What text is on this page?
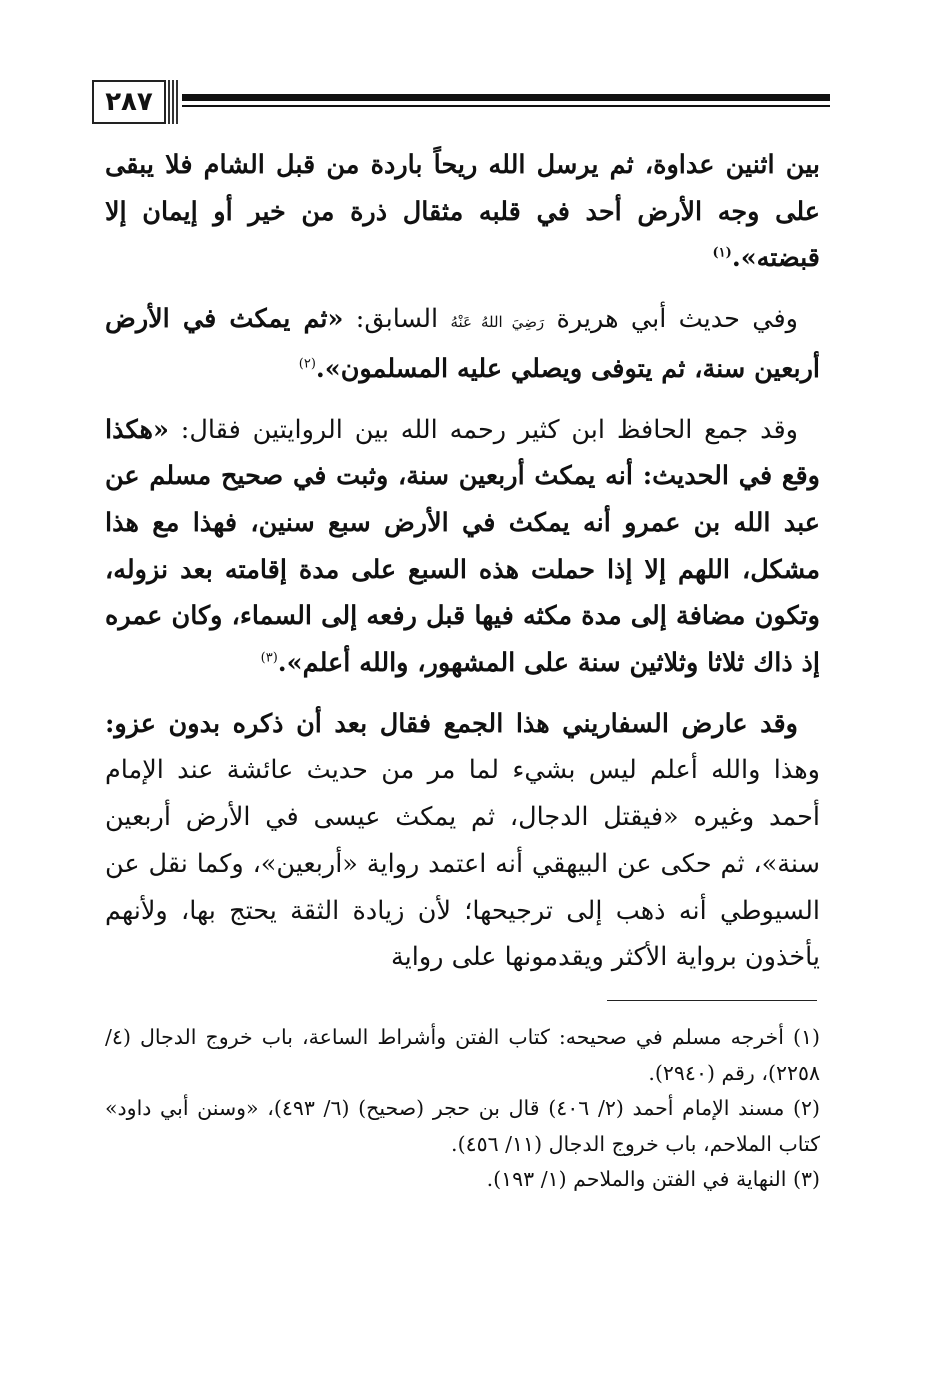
٢٨٧

بين اثنين عداوة، ثم يرسل الله ريحاً باردة من قبل الشام فلا يبقى على وجه الأرض أحد في قلبه مثقال ذرة من خير أو إيمان إلا قبضته».$^{(١)}$

وفي حديث أبي هريرة رَضِيَ اللهُ عَنْهُ السابق: «ثم يمكث في الأرض أربعين سنة، ثم يتوفى ويصلي عليه المسلمون».$^{(٢)}$

وقد جمع الحافظ ابن كثير رحمه الله بين الروايتين فقال: «هكذا وقع في الحديث: أنه يمكث أربعين سنة، وثبت في صحيح مسلم عن عبد الله بن عمرو أنه يمكث في الأرض سبع سنين، فهذا مع هذا مشكل، اللهم إلا إذا حملت هذه السبع على مدة إقامته بعد نزوله، وتكون مضافة إلى مدة مكثه فيها قبل رفعه إلى السماء، وكان عمره إذ ذاك ثلاثا وثلاثين سنة على المشهور، والله أعلم».$^{(٣)}$

وقد عارض السفاريني هذا الجمع فقال بعد أن ذكره بدون عزو: وهذا والله أعلم ليس بشيء لما مر من حديث عائشة عند الإمام أحمد وغيره «فيقتل الدجال، ثم يمكث عيسى في الأرض أربعين سنة»، ثم حكى عن البيهقي أنه اعتمد رواية «أربعين»، وكما نقل عن السيوطي أنه ذهب إلى ترجيحها؛ لأن زيادة الثقة يحتج بها، ولأنهم يأخذون برواية الأكثر ويقدمونها على رواية

(١) أخرجه مسلم في صحيحه: كتاب الفتن وأشراط الساعة، باب خروج الدجال (٤/ ٢٢٥٨)، رقم (٢٩٤٠).

(٢) مسند الإمام أحمد (٢/ ٤٠٦) قال بن حجر (صحيح) (٦/ ٤٩٣)، «وسنن أبي داود» كتاب الملاحم، باب خروج الدجال (١١/ ٤٥٦).

(٣) النهاية في الفتن والملاحم (١/ ١٩٣).
